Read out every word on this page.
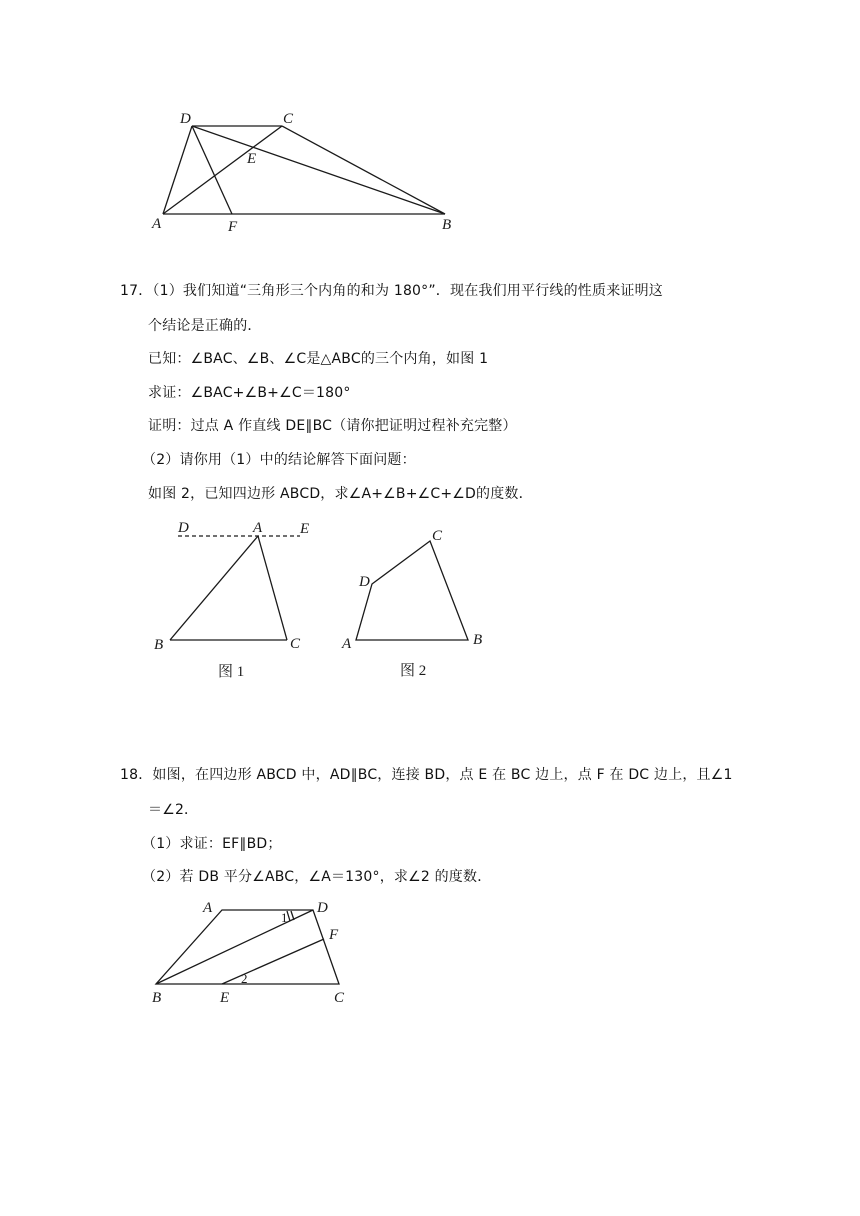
D	C
E
A	F	B
17．（1）我们知道“三角形三个内角的和为 180°”．现在我们用平行线的性质来证明这
个结论是正确的．
已知：∠BAC、∠B、∠C是△ABC的三个内角，如图 1
求证：∠BAC+∠B+∠C＝180°
证明：过点 A 作直线 DE∥BC（请你把证明过程补充完整）
（2）请你用（1）中的结论解答下面问题：
如图 2，已知四边形 ABCD，求∠A+∠B+∠C+∠D的度数．
D	A	E
B	C
图 1
C
D
A	B
图 2
18．如图，在四边形 ABCD 中，AD∥BC，连接 BD，点 E 在 BC 边上，点 F 在 DC 边上，且∠1
＝∠2．
（1）求证：EF∥BD；
（2）若 DB 平分∠ABC，∠A＝130°，求∠2 的度数．
A	D
F
B	E	C
1
2
